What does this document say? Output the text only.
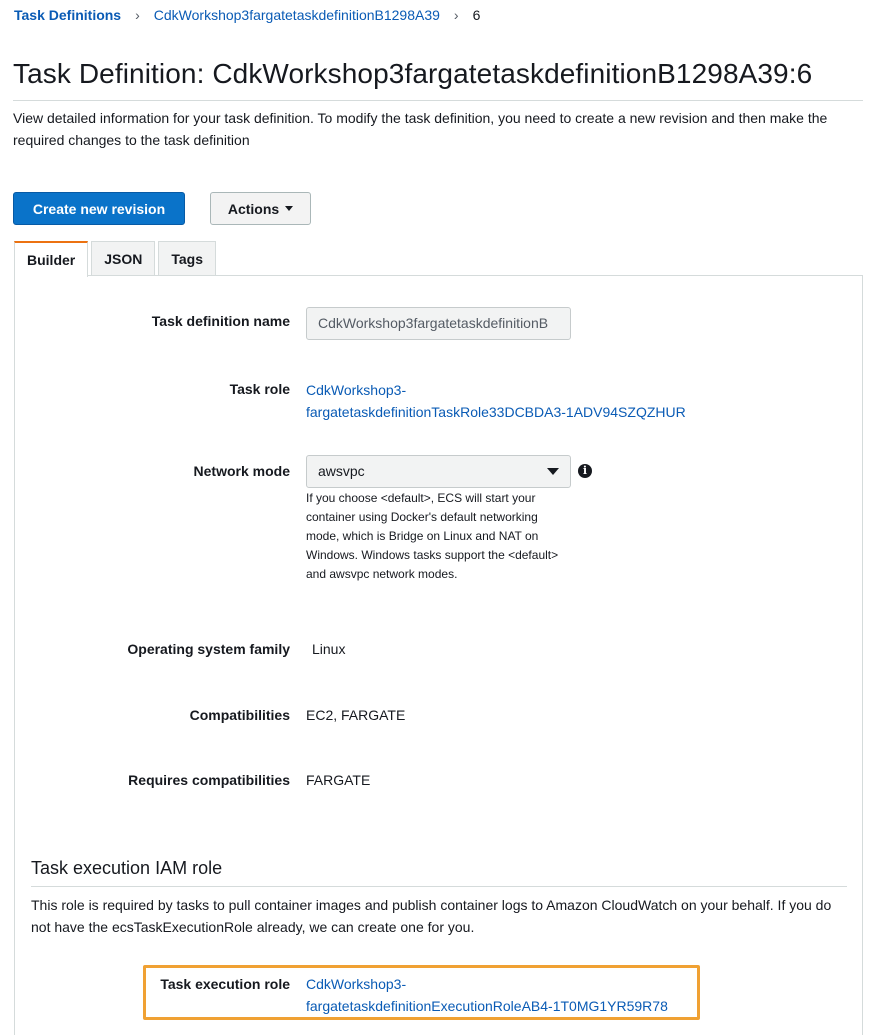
Task Definitions › CdkWorkshop3fargatetaskdefinitionB1298A39 › 6
Task Definition: CdkWorkshop3fargatetaskdefinitionB1298A39:6
View detailed information for your task definition. To modify the task definition, you need to create a new revision and then make the required changes to the task definition
Create new revision	Actions
Builder	JSON	Tags
Task definition name	CdkWorkshop3fargatetaskdefinitionB
Task role CdkWorkshop3-
fargatetaskdefinitionTaskRole33DCBDA3-1ADV94SZQZHUR
Network mode awsvpc	i
If you choose <default>, ECS will start your container using Docker's default networking mode, which is Bridge on Linux and NAT on Windows. Windows tasks support the <default> and awsvpc network modes.
Operating system family Linux
Compatibilities EC2, FARGATE
Requires compatibilities FARGATE
Task execution IAM role
This role is required by tasks to pull container images and publish container logs to Amazon CloudWatch on your behalf. If you do not have the ecsTaskExecutionRole already, we can create one for you.
Task execution role CdkWorkshop3-
fargatetaskdefinitionExecutionRoleAB4-1T0MG1YR59R78
